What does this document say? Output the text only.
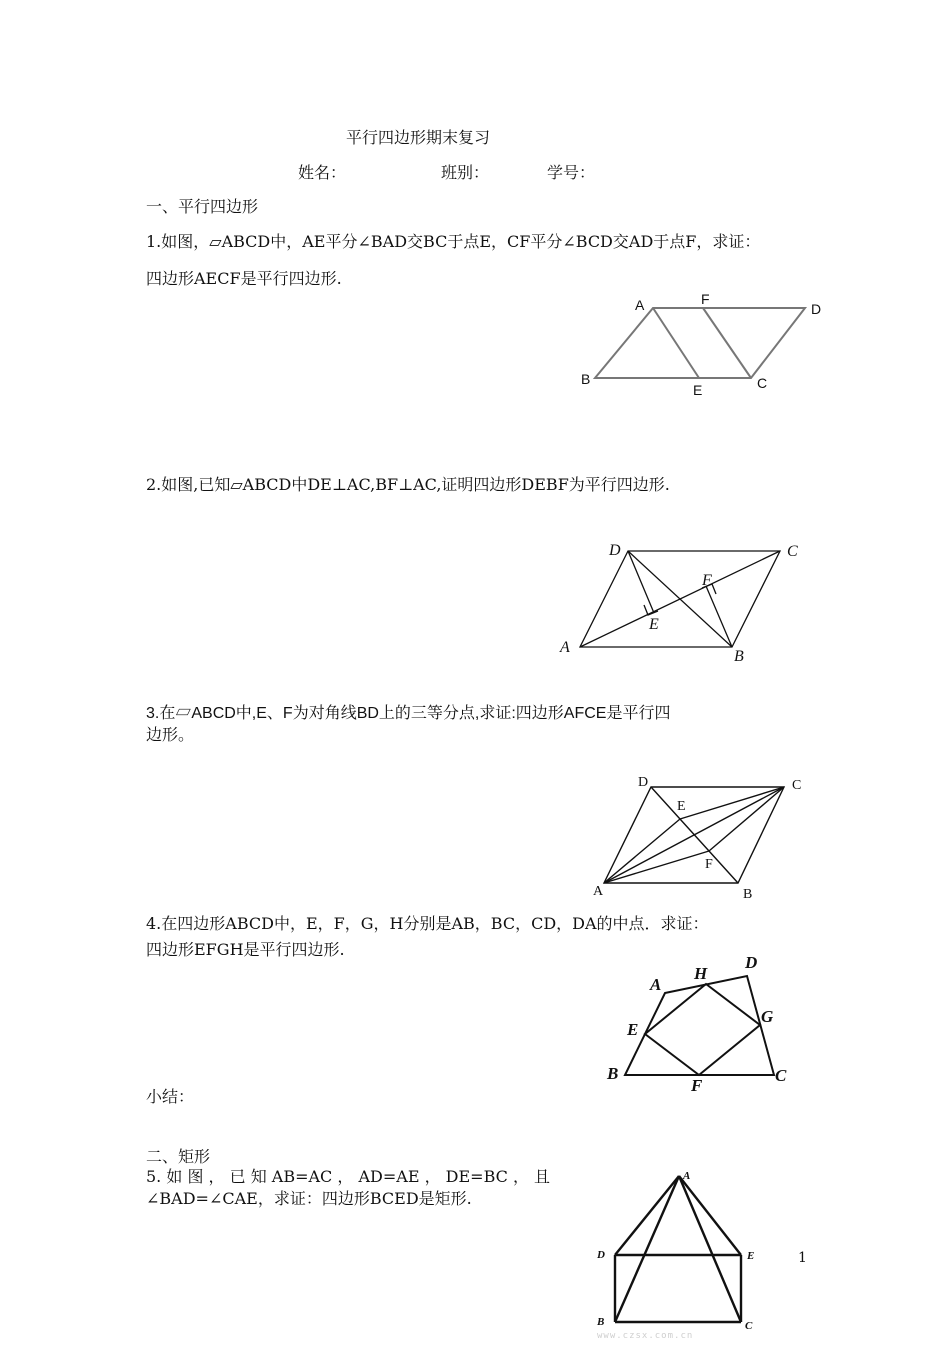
平行四边形期末复习
姓名：	班别：	学号：
一、平行四边形
1.如图，▱ABCD中，AE平分∠BAD交BC于点E，CF平分∠BCD交AD于点F，求证：
四边形AECF是平行四边形.
A	F
D
B
E	C
2.如图,已知▱ABCD中DE⊥AC,BF⊥AC,证明四边形DEBF为平行四边形.
D	C
F
E
A
B
3.在▱ABCD中,E、F为对角线BD上的三等分点,求证:四边形AFCE是平行四
边形。
D	C
E
F
A	B
4.在四边形ABCD中，E，F，G，H分别是AB，BC，CD，DA的中点．求证：
四边形EFGH是平行四边形.
A
H
D
E
G
B
F
C
小结：
二、矩形
5. 如 图 ， 已 知 AB=AC ， AD=AE ， DE=BC ， 且
∠BAD=∠CAE，求证：四边形BCED是矩形.
A
D	E
B	C
1
www.czsx.com.cn
